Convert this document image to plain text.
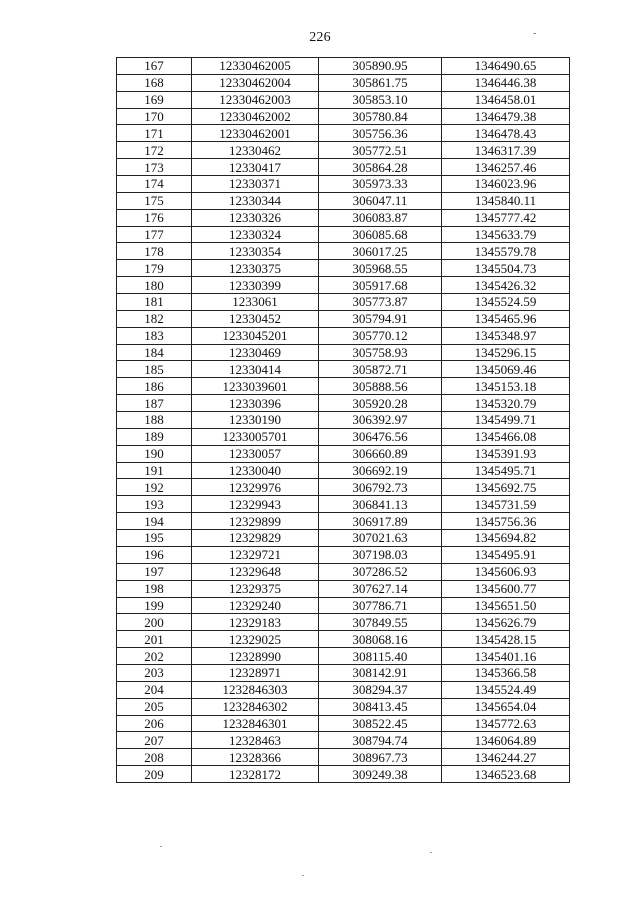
226	-
167	12330462005	305890.95	1346490.65
168	12330462004	305861.75	1346446.38
169	12330462003	305853.10	1346458.01
170	12330462002	305780.84	1346479.38
171	12330462001	305756.36	1346478.43
172	12330462	305772.51	1346317.39
173	12330417	305864.28	1346257.46
174	12330371	305973.33	1346023.96
175	12330344	306047.11	1345840.11
176	12330326	306083.87	1345777.42
177	12330324	306085.68	1345633.79
178	12330354	306017.25	1345579.78
179	12330375	305968.55	1345504.73
180	12330399	305917.68	1345426.32
181	1233061	305773.87	1345524.59
182	12330452	305794.91	1345465.96
183	1233045201	305770.12	1345348.97
184	12330469	305758.93	1345296.15
185	12330414	305872.71	1345069.46
186	1233039601	305888.56	1345153.18
187	12330396	305920.28	1345320.79
188	12330190	306392.97	1345499.71
189	1233005701	306476.56	1345466.08
190	12330057	306660.89	1345391.93
191	12330040	306692.19	1345495.71
192	12329976	306792.73	1345692.75
193	12329943	306841.13	1345731.59
194	12329899	306917.89	1345756.36
195	12329829	307021.63	1345694.82
196	12329721	307198.03	1345495.91
197	12329648	307286.52	1345606.93
198	12329375	307627.14	1345600.77
199	12329240	307786.71	1345651.50
200	12329183	307849.55	1345626.79
201	12329025	308068.16	1345428.15
202	12328990	308115.40	1345401.16
203	12328971	308142.91	1345366.58
204	1232846303	308294.37	1345524.49
205	1232846302	308413.45	1345654.04
206	1232846301	308522.45	1345772.63
207	12328463	308794.74	1346064.89
208	12328366	308967.73	1346244.27
209	12328172	309249.38	1346523.68
